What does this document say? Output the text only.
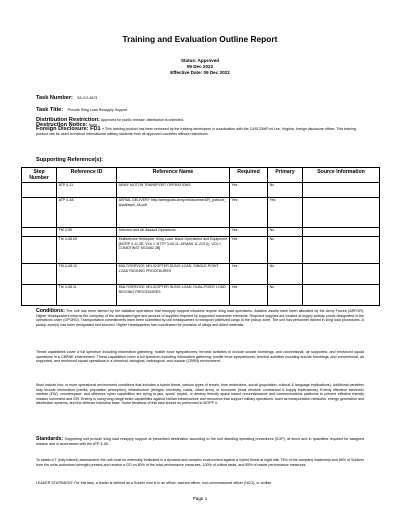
Training and Evaluation Outline Report
Status: Approved
09 Dec 2022
Effective Date: 09 Dec 2022
Task Number: 63-CO-4573
Task Title: Provide Sling Load Resupply Support
Distribution Restriction: Approved for public release; distribution is unlimited.
Destruction Notice: None
Foreign Disclosure: FD1 - This training product has been reviewed by the training developers in coordination with the CASCOM/Fort Lee, Virginia. foreign disclosure officer. This training product can be used to instruct international military students from all approved countries without restrictions.
Supporting Reference(s):
Step Number	Reference ID	Reference Name	Required	Primary	Source Information
	ATP 4-11	ARMY MOTOR TRANSPORT OPERATIONS	Yes	No	
	ATP 4-48	AERIAL DELIVERY http://armypubs.army.mil/doctrine/DR_pubs/dr_a/pdf/atp4_48.pdf	Yes	Yes	
	FM 3-99	Airborne and Air Assault Operations	Yes	No	
	TM 4-48.09	Multiservice Helicopter Sling Load: Basic Operations and Equipment [MCRP 4-11.3E, VOL I; NTTP 3-04.11; AFMAN 11-223 (I), VOL I; COMDTINST M13482.2B]	Yes	No	
	TM 4-48.10	MULTISERVICE HELICOPTER SLING LOAD: SINGLE-POINT LOAD RIGGING PROCEDURES	Yes	No	
	TM 4-48.11	MULTISERVICE HELICOPTER SLING LOAD: DUAL-POINT LOAD RIGGING PROCEDURES	Yes	No	
Conditions: The unit has been alerted by the battalion operations that resupply support missions require sling load operations. Aviation assets have been allocated by the Army Forces (ARFOR). Higher Headquarters informs the company of the anticipated type and amount of supplies required by supported maneuver elements. Required supplies are located at supply activity points designated in the operations order (OPORD). Transportation commitments have been submitted by unit headquarters to transport palletized cargo to the pickup zone. The unit has personnel trained in sling load procedures. A pickup zone(s) has been designated and secured. Higher Headquarters has coordinated for provision of slings and allied materials.
Threat capabilities cover a full spectrum including information gathering; hostile force sympathizers; terrorist activities to include suicide bombings; and conventional, air supported, and reinforced squad operations in a CBRNE environment. Threat capabilities cover a full spectrum including information gathering; hostile force sympathizers; terrorist activities including suicide bombings; and conventional, air supported, and reinforced squad operations in a chemical, biological, radiological, and nuclear (CBRN) environment.
Must include four or more operational environment conditions that includes a hybrid threat, various types of terrain, time restrictions, social (population, cultural & language implications). Additional variables may include information (media, population perception), infrastructure (bridges, electricity, roads, urban area), or economic (local vendors, contractual & supply implications). Enemy offensive electronic warfare (EW), counterspace, and offensive cyber capabilities are trying to jam, spoof, exploit, or destroy friendly space based reconnaissance and communications platforms to prevent effective friendly mission command and ISR. Enemy is using long-range strike capabilities against civilian infrastructure and resources that support military operations, such as transportation networks, energy generation and distribution systems, and the defense industrial base. Some iterations of this task should be performed in MOPP 4.
Standards: Supporting unit provide sling load resupply support at prescribed destination according to the unit standing operating procedures (SOP), at times and in quantities required for assigned mission and in accordance with the ATP 4-48.
To obtain a T (fully trained) assessment, the unit must be externally evaluated in a dynamic and complex environment against a hybrid threat at night with 75% of the company leadership and 80% of Soldiers from the units authorized strength present and receive a GO on 80% of the total performance measures, 100% of critical tasks, and 85% of leader performance measures.
LEADER STATEMENT: For this task, a leader is defined as a Soldier who is in an officer, warrant officer, non-commissioned officer (NCO), or civilian
Page 1
